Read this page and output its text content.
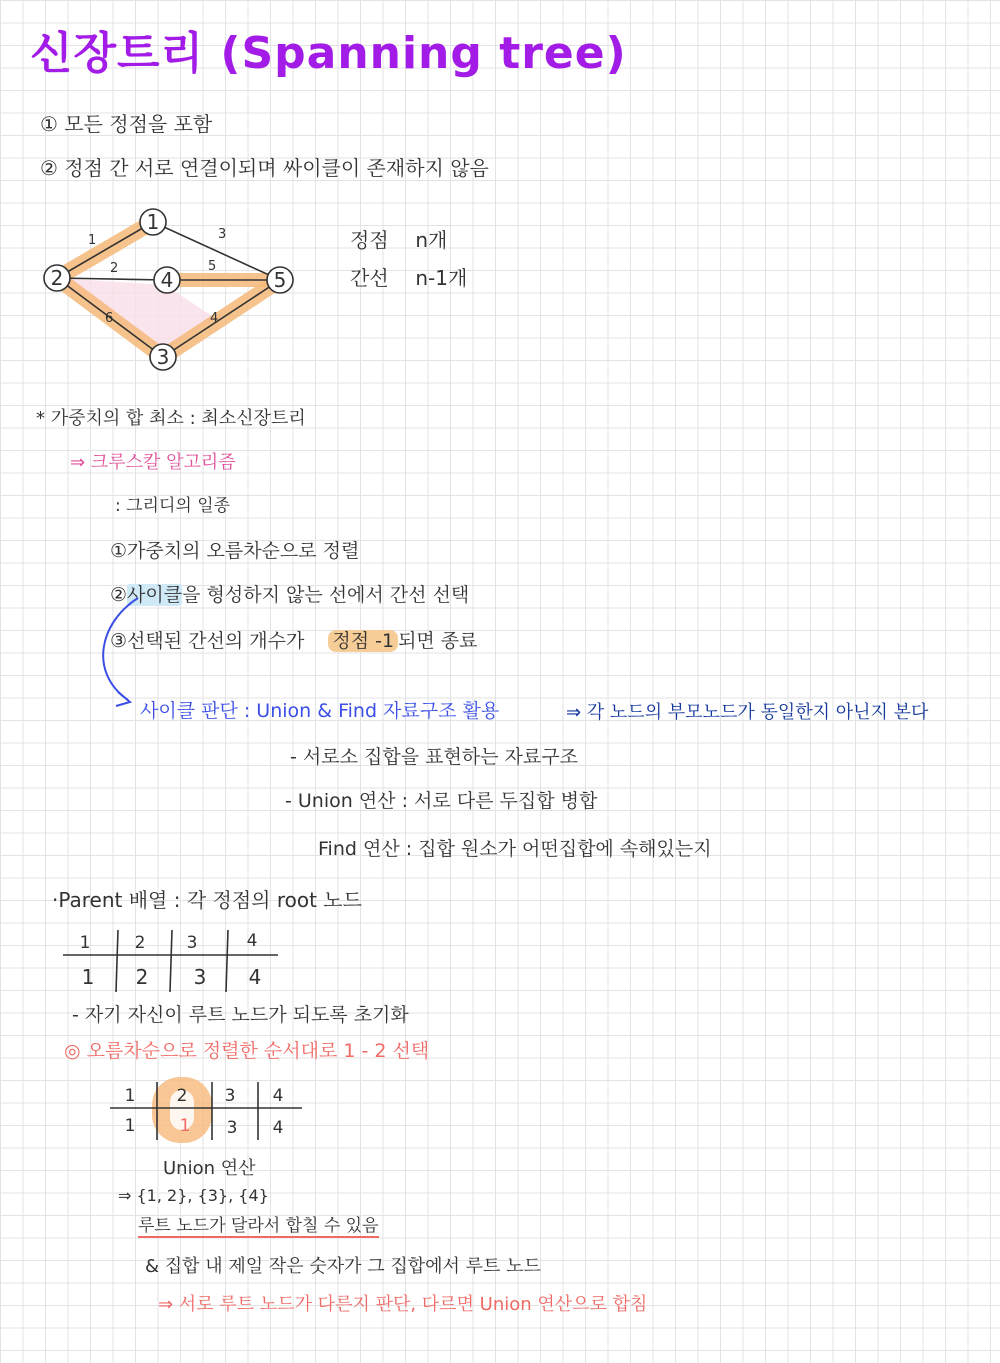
신장트리 (Spanning tree)
① 모든 정점을 포함
② 정점 간 서로 연결이되며 싸이클이 존재하지 않음
1	3
2	5
6	4
1
2
3
4	5
정점 n개
간선 n-1개
* 가중치의 합 최소 : 최소신장트리
⇒ 크루스칼 알고리즘
: 그리디의 일종
①가중치의 오름차순으로 정렬
②사이클을 형성하지 않는 선에서 간선 선택
③선택된 간선의 개수가 정점 -1 되면 종료
사이클 판단 : Union & Find 자료구조 활용	⇒ 각 노드의 부모노드가 동일한지 아닌지 본다
- 서로소 집합을 표현하는 자료구조
- Union 연산 : 서로 다른 두집합 병합
Find 연산 : 집합 원소가 어떤집합에 속해있는지
·Parent 배열 : 각 정점의 root 노드
1	2 3	4
1 2 3 4
- 자기 자신이 루트 노드가 되도록 초기화
◎ 오름차순으로 정렬한 순서대로 1 - 2 선택
1 2 3 4
1	1 3 4
Union 연산
⇒ {1, 2}, {3}, {4}
루트 노드가 달라서 합칠 수 있음
& 집합 내 제일 작은 숫자가 그 집합에서 루트 노드
⇒ 서로 루트 노드가 다른지 판단, 다르면 Union 연산으로 합침
